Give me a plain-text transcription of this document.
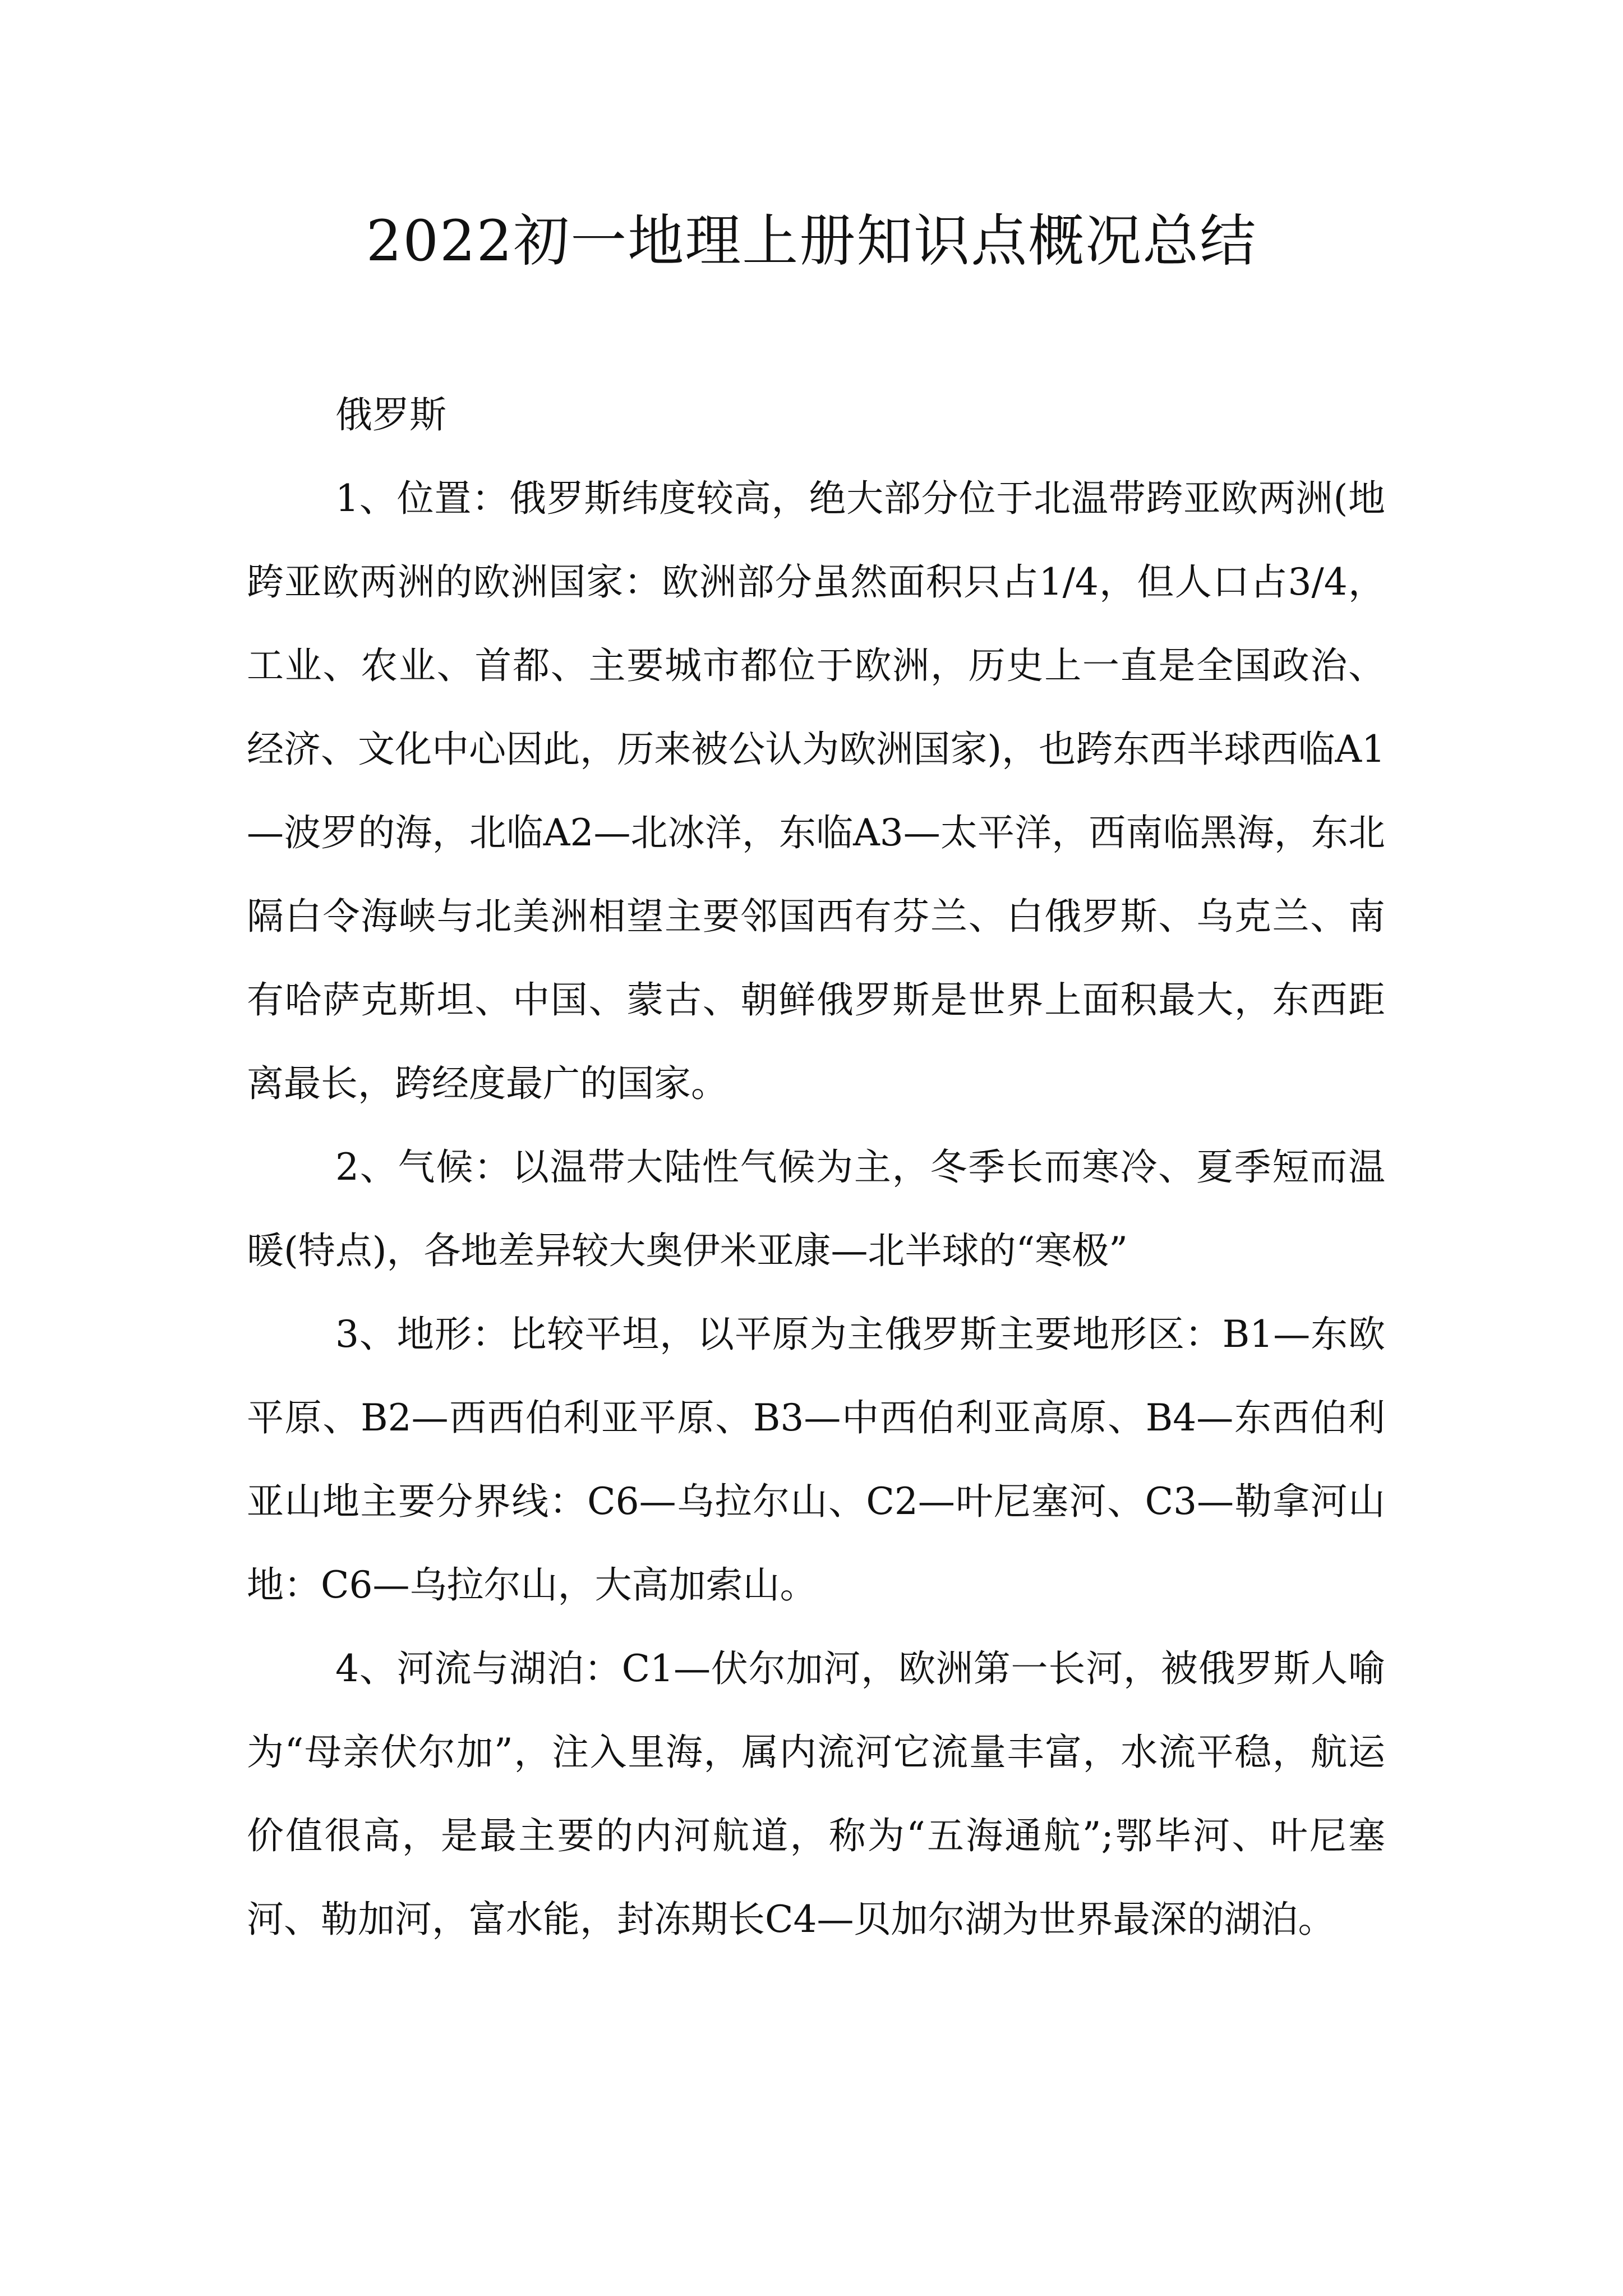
2022初一地理上册知识点概况总结

俄罗斯

1、位置：俄罗斯纬度较高，绝大部分位于北温带跨亚欧两洲(地跨亚欧两洲的欧洲国家：欧洲部分虽然面积只占1/4，但人口占3/4，工业、农业、首都、主要城市都位于欧洲，历史上一直是全国政治、经济、文化中心因此，历来被公认为欧洲国家)，也跨东西半球西临A1—波罗的海，北临A2—北冰洋，东临A3—太平洋，西南临黑海，东北隔白令海峡与北美洲相望主要邻国西有芬兰、白俄罗斯、乌克兰、南有哈萨克斯坦、中国、蒙古、朝鲜俄罗斯是世界上面积最大，东西距离最长，跨经度最广的国家。

2、气候：以温带大陆性气候为主，冬季长而寒冷、夏季短而温暖(特点)，各地差异较大奥伊米亚康—北半球的“寒极”

3、地形：比较平坦，以平原为主俄罗斯主要地形区：B1—东欧平原、B2—西西伯利亚平原、B3—中西伯利亚高原、B4—东西伯利亚山地主要分界线：C6—乌拉尔山、C2—叶尼塞河、C3—勒拿河山地：C6—乌拉尔山，大高加索山。

4、河流与湖泊：C1—伏尔加河，欧洲第一长河，被俄罗斯人喻为“母亲伏尔加”，注入里海，属内流河它流量丰富，水流平稳，航运价值很高，是最主要的内河航道，称为“五海通航”;鄂毕河、叶尼塞河、勒加河，富水能，封冻期长C4—贝加尔湖为世界最深的湖泊。
